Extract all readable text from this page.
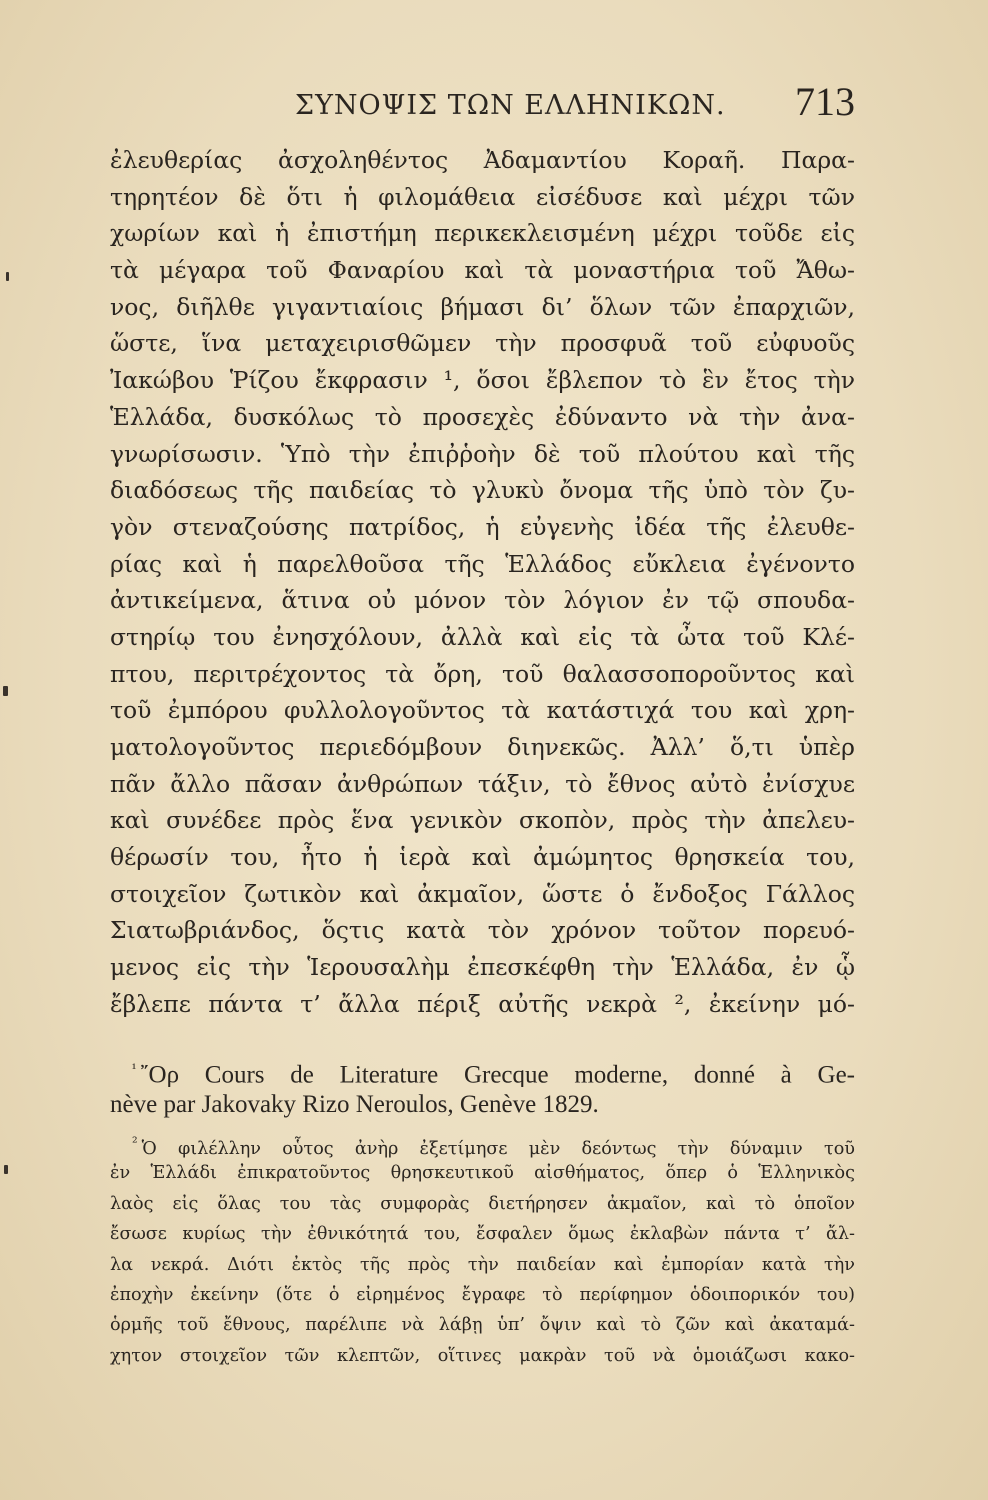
ΣΥΝΟΨΙΣ ΤΩΝ ΕΛΛΗΝΙΚΩΝ. 713
ἐλευθερίας ἀσχοληθέντος Ἀδαμαντίου Κοραῆ. Παρα-
τηρητέον δὲ ὅτι ἡ φιλομάθεια εἰσέδυσε καὶ μέχρι τῶν
χωρίων καὶ ἡ ἐπιστήμη περικεκλεισμένη μέχρι τοῦδε εἰς
τὰ μέγαρα τοῦ Φαναρίου καὶ τὰ μοναστήρια τοῦ Ἄθω-
νος, διῆλθε γιγαντιαίοις βήμασι δι’ ὅλων τῶν ἐπαρχιῶν,
ὥστε, ἵνα μεταχειρισθῶμεν τὴν προσφυᾶ τοῦ εὐφυοῦς
Ἰακώβου Ῥίζου ἔκφρασιν ¹, ὅσοι ἔβλεπον τὸ ἓν ἔτος τὴν
Ἑλλάδα, δυσκόλως τὸ προσεχὲς ἐδύναντο νὰ τὴν ἀνα-
γνωρίσωσιν. Ὑπὸ τὴν ἐπιῤῥοὴν δὲ τοῦ πλούτου καὶ τῆς
διαδόσεως τῆς παιδείας τὸ γλυκὺ ὄνομα τῆς ὑπὸ τὸν ζυ-
γὸν στεναζούσης πατρίδος, ἡ εὐγενὴς ἰδέα τῆς ἐλευθε-
ρίας καὶ ἡ παρελθοῦσα τῆς Ἑλλάδος εὔκλεια ἐγένοντο
ἀντικείμενα, ἅτινα οὐ μόνον τὸν λόγιον ἐν τῷ σπουδα-
στηρίῳ του ἐνησχόλουν, ἀλλὰ καὶ εἰς τὰ ὦτα τοῦ Κλέ-
πτου, περιτρέχοντος τὰ ὄρη, τοῦ θαλασσοποροῦντος καὶ
τοῦ ἐμπόρου φυλλολογοῦντος τὰ κατάστιχά του καὶ χρη-
ματολογοῦντος περιεδόμβουν διηνεκῶς. Ἀλλ’ ὅ,τι ὑπὲρ
πᾶν ἄλλο πᾶσαν ἀνθρώπων τάξιν, τὸ ἔθνος αὐτὸ ἐνίσχυε
καὶ συνέδεε πρὸς ἕνα γενικὸν σκοπὸν, πρὸς τὴν ἀπελευ-
θέρωσίν του, ἦτο ἡ ἱερὰ καὶ ἀμώμητος θρησκεία του,
στοιχεῖον ζωτικὸν καὶ ἀκμαῖον, ὥστε ὁ ἔνδοξος Γάλλος
Σιατωβριάνδος, ὅςτις κατὰ τὸν χρόνον τοῦτον πορευό-
μενος εἰς τὴν Ἱερουσαλὴμ ἐπεσκέφθη τὴν Ἑλλάδα, ἐν ᾧ
ἔβλεπε πάντα τ’ ἄλλα πέριξ αὐτῆς νεκρὰ ², ἐκείνην μό-
$^{^1}$ ῎Ορ Cours de Literature Grecque moderne, donné à Ge-
nève par Jakovaky Rizo Neroulos, Genève 1829.
$^{^2}$ Ὁ φιλέλλην οὗτος ἀνὴρ ἐξετίμησε μὲν δεόντως τὴν δύναμιν τοῦ
ἐν Ἑλλάδι ἐπικρατοῦντος θρησκευτικοῦ αἰσθήματος, ὅπερ ὁ Ἑλληνικὸς
λαὸς εἰς ὅλας του τὰς συμφορὰς διετήρησεν ἀκμαῖον, καὶ τὸ ὁποῖον
ἔσωσε κυρίως τὴν ἐθνικότητά του, ἔσφαλεν ὅμως ἐκλαβὼν πάντα τ’ ἄλ-
λα νεκρά. Διότι ἐκτὸς τῆς πρὸς τὴν παιδείαν καὶ ἐμπορίαν κατὰ τὴν
ἐποχὴν ἐκείνην (ὅτε ὁ εἰρημένος ἔγραφε τὸ περίφημον ὁδοιπορικόν του)
ὁρμῆς τοῦ ἔθνους, παρέλιπε νὰ λάβῃ ὑπ’ ὄψιν καὶ τὸ ζῶν καὶ ἀκαταμά-
χητον στοιχεῖον τῶν κλεπτῶν, οἵτινες μακρὰν τοῦ νὰ ὁμοιάζωσι κακο-
